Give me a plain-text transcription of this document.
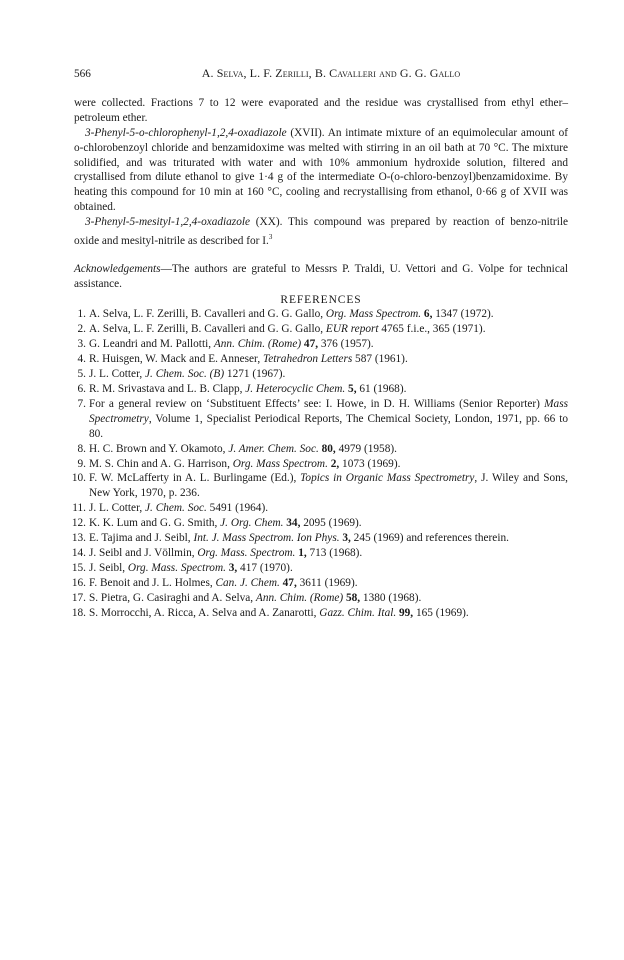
566	A. Selva, L. F. Zerilli, B. Cavalleri and G. G. Gallo

were collected. Fractions 7 to 12 were evaporated and the residue was crystallised from ethyl ether–petroleum ether.

3-Phenyl-5-o-chlorophenyl-1,2,4-oxadiazole (XVII). An intimate mixture of an equimolecular amount of o-chlorobenzoyl chloride and benzamidoxime was melted with stirring in an oil bath at 70 °C. The mixture solidified, and was triturated with water and with 10% ammonium hydroxide solution, filtered and crystallised from dilute ethanol to give 1·4 g of the intermediate O-(o-chloro-benzoyl)benzamidoxime. By heating this compound for 10 min at 160 °C, cooling and recrystallising from ethanol, 0·66 g of XVII was obtained.

3-Phenyl-5-mesityl-1,2,4-oxadiazole (XX). This compound was prepared by reaction of benzo-nitrile oxide and mesityl-nitrile as described for I.$^3$

Acknowledgements—The authors are grateful to Messrs P. Traldi, U. Vettori and G. Volpe for technical assistance.

REFERENCES
1. A. Selva, L. F. Zerilli, B. Cavalleri and G. G. Gallo, Org. Mass Spectrom. 6, 1347 (1972).
2. A. Selva, L. F. Zerilli, B. Cavalleri and G. G. Gallo, EUR report 4765 f.i.e., 365 (1971).
3. G. Leandri and M. Pallotti, Ann. Chim. (Rome) 47, 376 (1957).
4. R. Huisgen, W. Mack and E. Anneser, Tetrahedron Letters 587 (1961).
5. J. L. Cotter, J. Chem. Soc. (B) 1271 (1967).
6. R. M. Srivastava and L. B. Clapp, J. Heterocyclic Chem. 5, 61 (1968).
7. For a general review on ‘Substituent Effects’ see: I. Howe, in D. H. Williams (Senior Reporter) Mass Spectrometry, Volume 1, Specialist Periodical Reports, The Chemical Society, London, 1971, pp. 66 to 80.
8. H. C. Brown and Y. Okamoto, J. Amer. Chem. Soc. 80, 4979 (1958).
9. M. S. Chin and A. G. Harrison, Org. Mass Spectrom. 2, 1073 (1969).
10. F. W. McLafferty in A. L. Burlingame (Ed.), Topics in Organic Mass Spectrometry, J. Wiley and Sons, New York, 1970, p. 236.
11. J. L. Cotter, J. Chem. Soc. 5491 (1964).
12. K. K. Lum and G. G. Smith, J. Org. Chem. 34, 2095 (1969).
13. E. Tajima and J. Seibl, Int. J. Mass Spectrom. Ion Phys. 3, 245 (1969) and references therein.
14. J. Seibl and J. Völlmin, Org. Mass. Spectrom. 1, 713 (1968).
15. J. Seibl, Org. Mass. Spectrom. 3, 417 (1970).
16. F. Benoit and J. L. Holmes, Can. J. Chem. 47, 3611 (1969).
17. S. Pietra, G. Casiraghi and A. Selva, Ann. Chim. (Rome) 58, 1380 (1968).
18. S. Morrocchi, A. Ricca, A. Selva and A. Zanarotti, Gazz. Chim. Ital. 99, 165 (1969).
